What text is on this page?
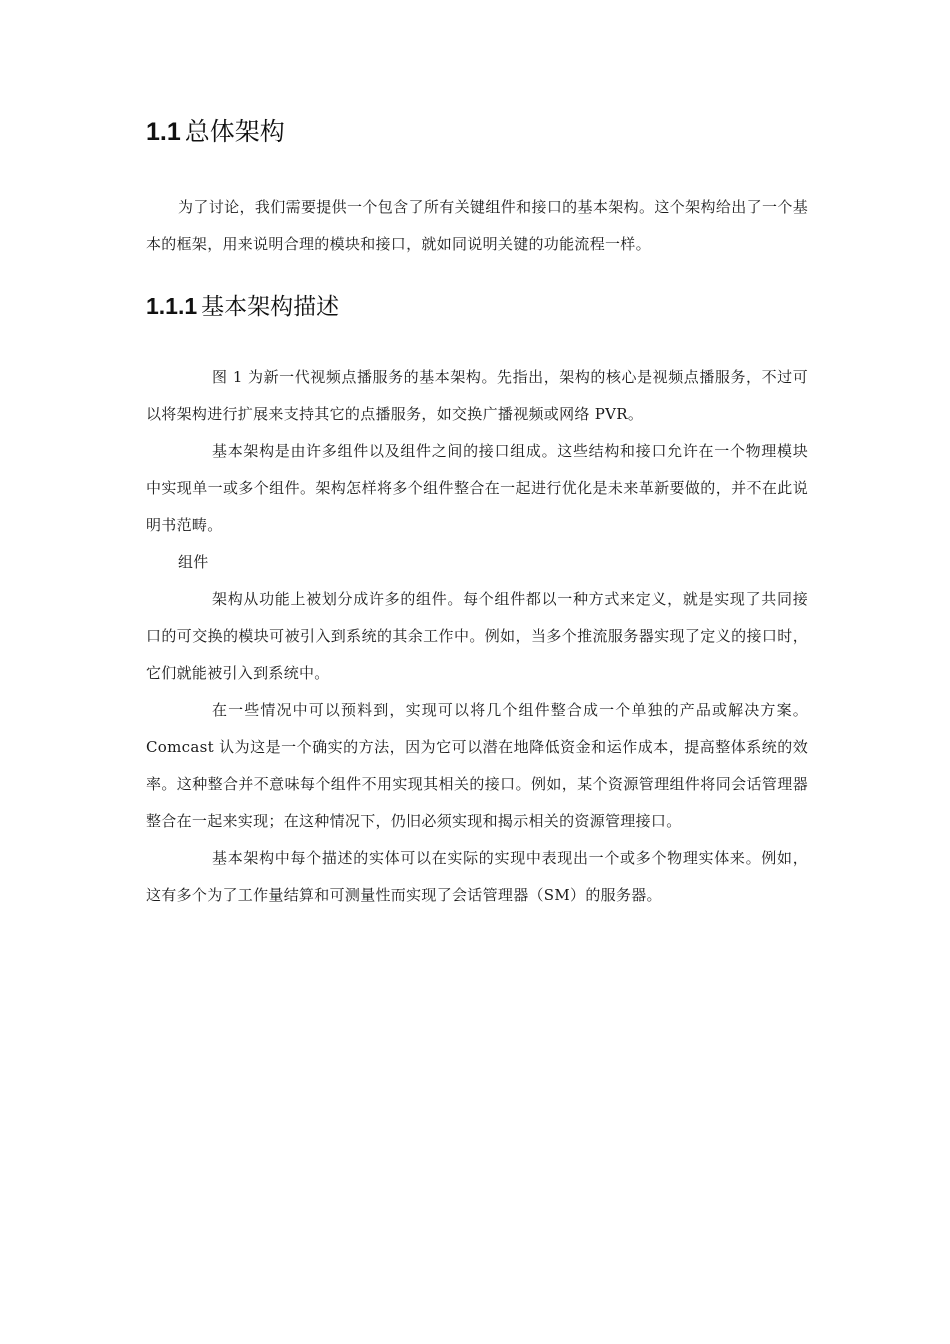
1.1 总体架构

为了讨论，我们需要提供一个包含了所有关键组件和接口的基本架构。这个架构给出了一个基本的框架，用来说明合理的模块和接口，就如同说明关键的功能流程一样。

1.1.1 基本架构描述

图 1 为新一代视频点播服务的基本架构。先指出，架构的核心是视频点播服务，不过可以将架构进行扩展来支持其它的点播服务，如交换广播视频或网络 PVR。

基本架构是由许多组件以及组件之间的接口组成。这些结构和接口允许在一个物理模块中实现单一或多个组件。架构怎样将多个组件整合在一起进行优化是未来革新要做的，并不在此说明书范畴。

组件

架构从功能上被划分成许多的组件。每个组件都以一种方式来定义，就是实现了共同接口的可交换的模块可被引入到系统的其余工作中。例如，当多个推流服务器实现了定义的接口时，它们就能被引入到系统中。

在一些情况中可以预料到，实现可以将几个组件整合成一个单独的产品或解决方案。Comcast 认为这是一个确实的方法，因为它可以潜在地降低资金和运作成本，提高整体系统的效率。这种整合并不意味每个组件不用实现其相关的接口。例如，某个资源管理组件将同会话管理器整合在一起来实现；在这种情况下，仍旧必须实现和揭示相关的资源管理接口。

基本架构中每个描述的实体可以在实际的实现中表现出一个或多个物理实体来。例如，这有多个为了工作量结算和可测量性而实现了会话管理器（SM）的服务器。
